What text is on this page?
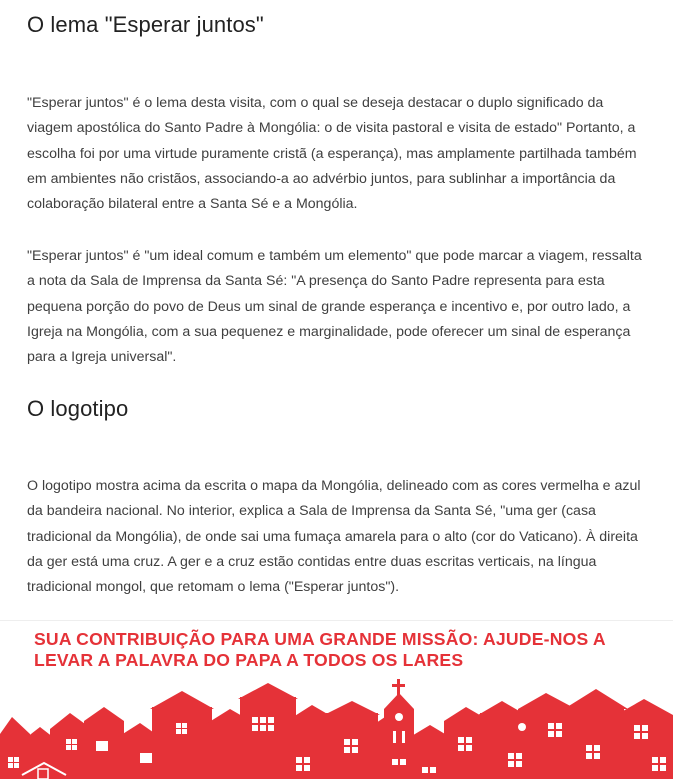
O lema "Esperar juntos"

"Esperar juntos" é o lema desta visita, com o qual se deseja destacar o duplo significado da viagem apostólica do Santo Padre à Mongólia: o de visita pastoral e visita de estado" Portanto, a escolha foi por uma virtude puramente cristã (a esperança), mas amplamente partilhada também em ambientes não cristãos, associando-a ao advérbio juntos, para sublinhar a importância da colaboração bilateral entre a Santa Sé e a Mongólia.

"Esperar juntos" é "um ideal comum e também um elemento" que pode marcar a viagem, ressalta a nota da Sala de Imprensa da Santa Sé: "A presença do Santo Padre representa para esta pequena porção do povo de Deus um sinal de grande esperança e incentivo e, por outro lado, a Igreja na Mongólia, com a sua pequenez e marginalidade, pode oferecer um sinal de esperança para a Igreja universal".

O logotipo

O logotipo mostra acima da escrita o mapa da Mongólia, delineado com as cores vermelha e azul da bandeira nacional. No interior, explica a Sala de Imprensa da Santa Sé, "uma ger (casa tradicional da Mongólia), de onde sai uma fumaça amarela para o alto (cor do Vaticano). À direita da ger está uma cruz. A ger e a cruz estão contidas entre duas escritas verticais, na língua tradicional mongol, que retomam o lema ("Esperar juntos").

SUA CONTRIBUIÇÃO PARA UMA GRANDE MISSÃO: AJUDE-NOS A LEVAR A PALAVRA DO PAPA A TODOS OS LARES
